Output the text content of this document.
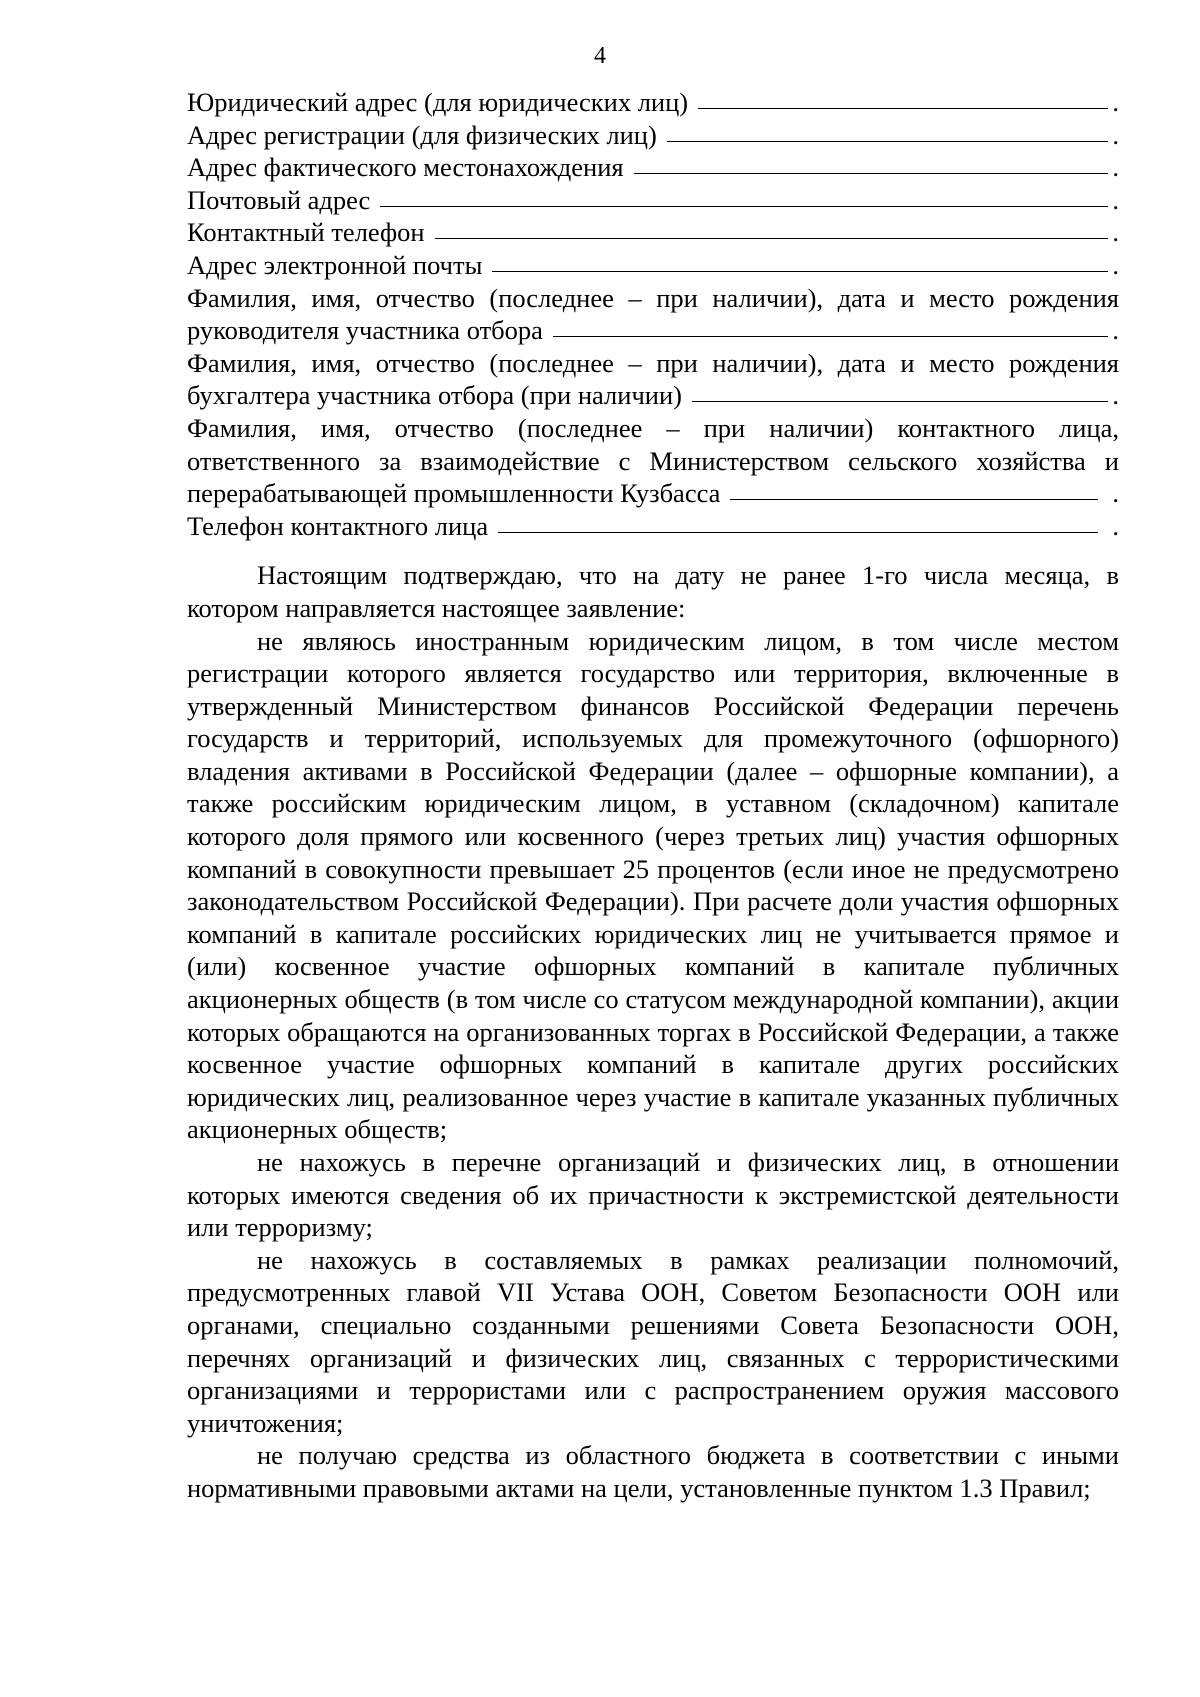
4
Юридический адрес (для юридических лиц)	.
Адрес регистрации (для физических лиц)	.
Адрес фактического местонахождения	.
Почтовый адрес	.
Контактный телефон	.
Адрес электронной почты	.
Фамилия, имя, отчество (последнее – при наличии), дата и место рождения
руководителя участника отбора	.
Фамилия, имя, отчество (последнее – при наличии), дата и место рождения
бухгалтера участника отбора (при наличии)	.
Фамилия, имя, отчество (последнее – при наличии) контактного лица,
ответственного за взаимодействие с Министерством сельского хозяйства и
перерабатывающей промышленности Кузбасса	.
Телефон контактного лица	.
Настоящим подтверждаю, что на дату не ранее 1-го числа месяца, в котором направляется настоящее заявление:
не являюсь иностранным юридическим лицом, в том числе местом регистрации которого является государство или территория, включенные в утвержденный Министерством финансов Российской Федерации перечень государств и территорий, используемых для промежуточного (офшорного) владения активами в Российской Федерации (далее – офшорные компании), а также российским юридическим лицом, в уставном (складочном) капитале которого доля прямого или косвенного (через третьих лиц) участия офшорных компаний в совокупности превышает 25 процентов (если иное не предусмотрено законодательством Российской Федерации). При расчете доли участия офшорных компаний в капитале российских юридических лиц не учитывается прямое и (или) косвенное участие офшорных компаний в капитале публичных акционерных обществ (в том числе со статусом международной компании), акции которых обращаются на организованных торгах в Российской Федерации, а также косвенное участие офшорных компаний в капитале других российских юридических лиц, реализованное через участие в капитале указанных публичных акционерных обществ;
не нахожусь в перечне организаций и физических лиц, в отношении которых имеются сведения об их причастности к экстремистской деятельности или терроризму;
не нахожусь в составляемых в рамках реализации полномочий, предусмотренных главой VII Устава ООН, Советом Безопасности ООН или органами, специально созданными решениями Совета Безопасности ООН, перечнях организаций и физических лиц, связанных с террористическими организациями и террористами или с распространением оружия массового уничтожения;
не получаю средства из областного бюджета в соответствии с иными нормативными правовыми актами на цели, установленные пунктом 1.3 Правил;
